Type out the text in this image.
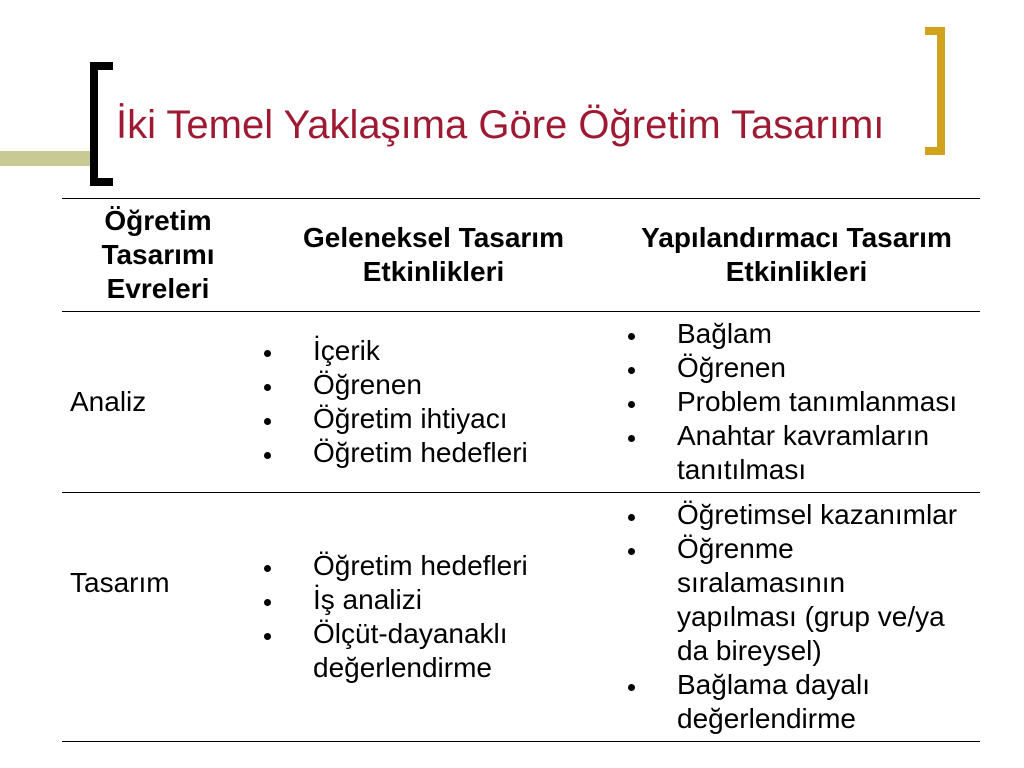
İki Temel Yaklaşıma Göre Öğretim Tasarımı
Öğretim Tasarımı Evreleri
Geleneksel Tasarım Etkinlikleri
Yapılandırmacı Tasarım Etkinlikleri
Analiz
İçerik
Öğrenen
Öğretim ihtiyacı
Öğretim hedefleri
Bağlam
Öğrenen
Problem tanımlanması
Anahtar kavramların tanıtılması
Tasarım
Öğretim hedefleri
İş analizi
Ölçüt-dayanaklı değerlendirme
Öğretimsel kazanımlar
Öğrenme sıralamasının yapılması (grup ve/ya da bireysel)
Bağlama dayalı değerlendirme
